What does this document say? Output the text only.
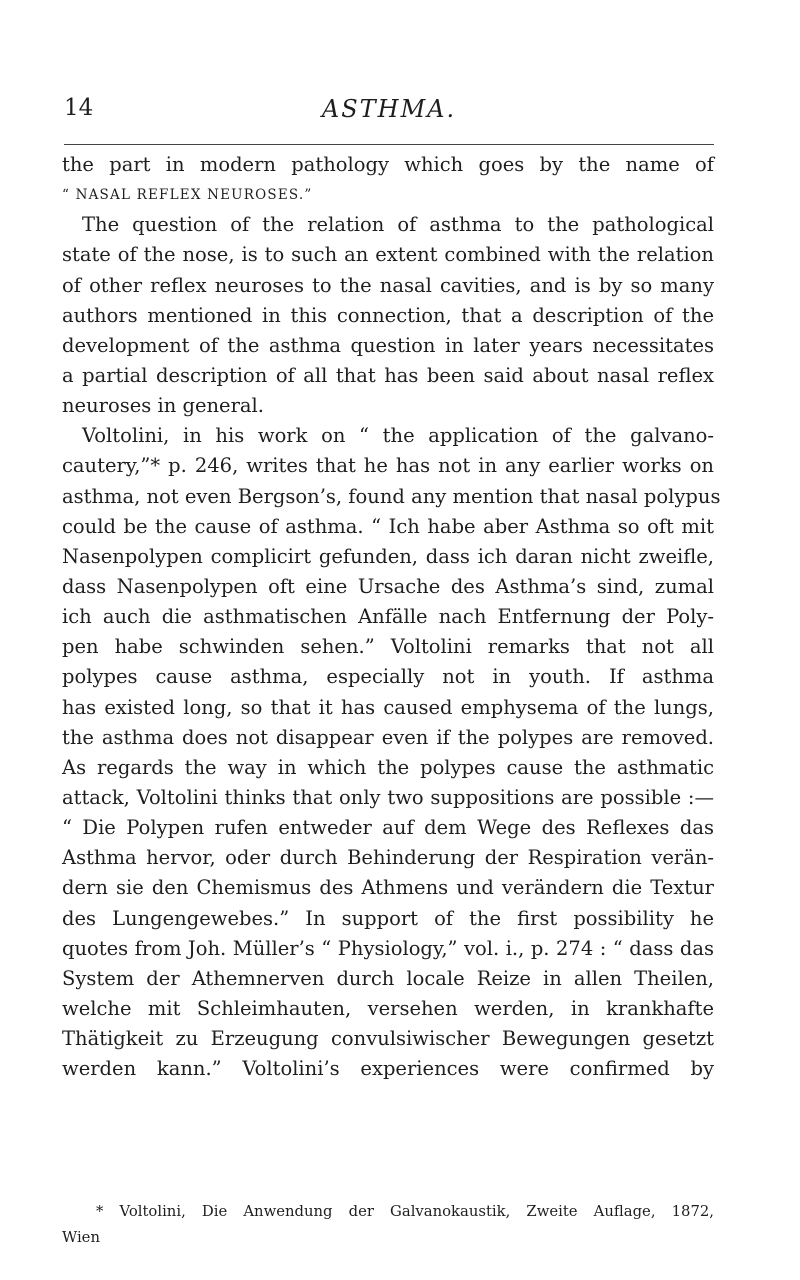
14	ASTHMA.
the part in modern pathology which goes by the name of
“ NASAL REFLEX NEUROSES.”
The question of the relation of asthma to the pathological
state of the nose, is to such an extent combined with the relation
of other reflex neuroses to the nasal cavities, and is by so many
authors mentioned in this connection, that a description of the
development of the asthma question in later years necessitates
a partial description of all that has been said about nasal reflex
neuroses in general.
Voltolini, in his work on “ the application of the galvano-
cautery,”* p. 246, writes that he has not in any earlier works on
asthma, not even Bergson’s, found any mention that nasal polypus
could be the cause of asthma. “ Ich habe aber Asthma so oft mit
Nasenpolypen complicirt gefunden, dass ich daran nicht zweifle,
dass Nasenpolypen oft eine Ursache des Asthma’s sind, zumal
ich auch die asthmatischen Anfälle nach Entfernung der Poly-
pen habe schwinden sehen.” Voltolini remarks that not all
polypes cause asthma, especially not in youth. If asthma
has existed long, so that it has caused emphysema of the lungs,
the asthma does not disappear even if the polypes are removed.
As regards the way in which the polypes cause the asthmatic
attack, Voltolini thinks that only two suppositions are possible :—
“ Die Polypen rufen entweder auf dem Wege des Reflexes das
Asthma hervor, oder durch Behinderung der Respiration verän-
dern sie den Chemismus des Athmens und verändern die Textur
des Lungengewebes.” In support of the first possibility he
quotes from Joh. Müller’s “ Physiology,” vol. i., p. 274 : “ dass das
System der Athemnerven durch locale Reize in allen Theilen,
welche mit Schleimhauten, versehen werden, in krankhafte
Thätigkeit zu Erzeugung convulsiwischer Bewegungen gesetzt
werden kann.” Voltolini’s experiences were confirmed by
* Voltolini, Die Anwendung der Galvanokaustik, Zweite Auflage, 1872,
Wien
